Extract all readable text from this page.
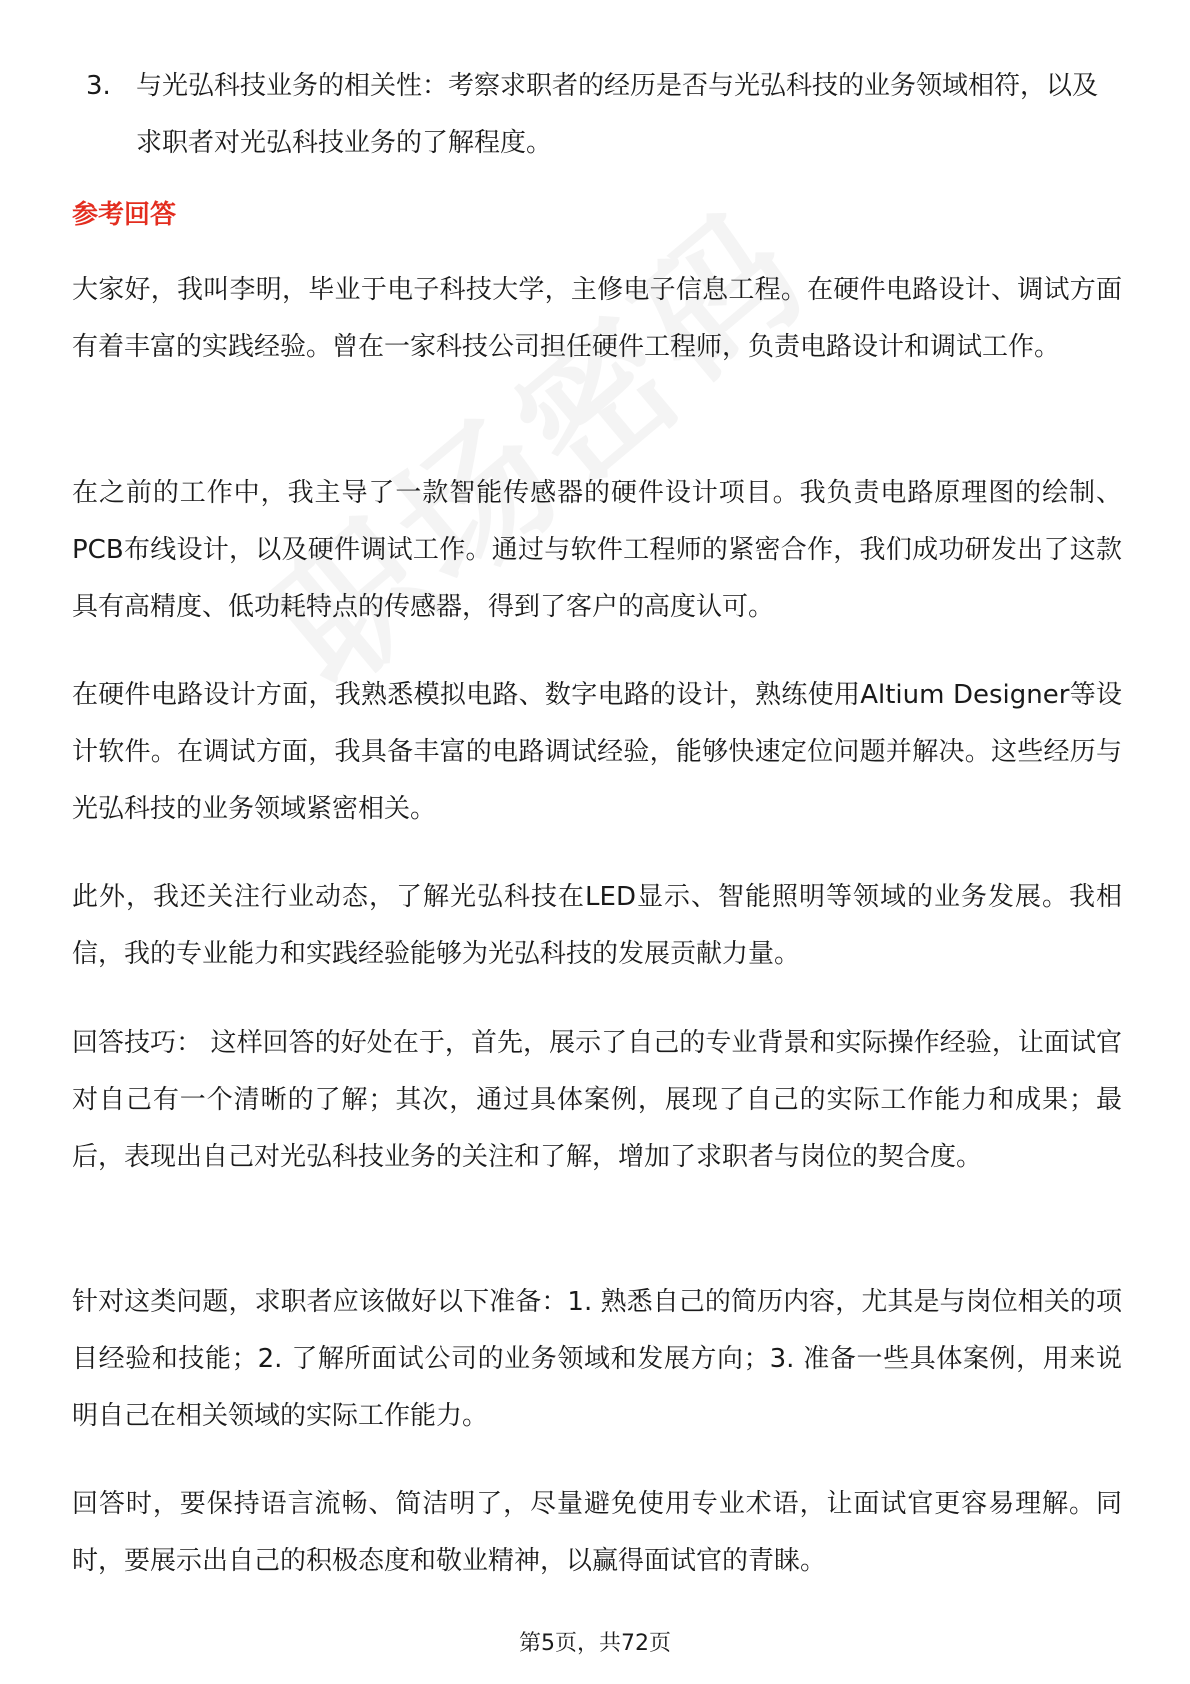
3. 与光弘科技业务的相关性：考察求职者的经历是否与光弘科技的业务领域相符，以及求职者对光弘科技业务的了解程度。
参考回答

大家好，我叫李明，毕业于电子科技大学，主修电子信息工程。在硬件电路设计、调试方面有着丰富的实践经验。曾在一家科技公司担任硬件工程师，负责电路设计和调试工作。

在之前的工作中，我主导了一款智能传感器的硬件设计项目。我负责电路原理图的绘制、PCB布线设计，以及硬件调试工作。通过与软件工程师的紧密合作，我们成功研发出了这款具有高精度、低功耗特点的传感器，得到了客户的高度认可。

在硬件电路设计方面，我熟悉模拟电路、数字电路的设计，熟练使用Altium Designer等设计软件。在调试方面，我具备丰富的电路调试经验，能够快速定位问题并解决。这些经历与光弘科技的业务领域紧密相关。

此外，我还关注行业动态，了解光弘科技在LED显示、智能照明等领域的业务发展。我相信，我的专业能力和实践经验能够为光弘科技的发展贡献力量。

回答技巧： 这样回答的好处在于，首先，展示了自己的专业背景和实际操作经验，让面试官对自己有一个清晰的了解；其次，通过具体案例，展现了自己的实际工作能力和成果；最后，表现出自己对光弘科技业务的关注和了解，增加了求职者与岗位的契合度。

针对这类问题，求职者应该做好以下准备：1. 熟悉自己的简历内容，尤其是与岗位相关的项目经验和技能；2. 了解所面试公司的业务领域和发展方向；3. 准备一些具体案例，用来说明自己在相关领域的实际工作能力。

回答时，要保持语言流畅、简洁明了，尽量避免使用专业术语，让面试官更容易理解。同时，要展示出自己的积极态度和敬业精神，以赢得面试官的青睐。

第5页，共72页
